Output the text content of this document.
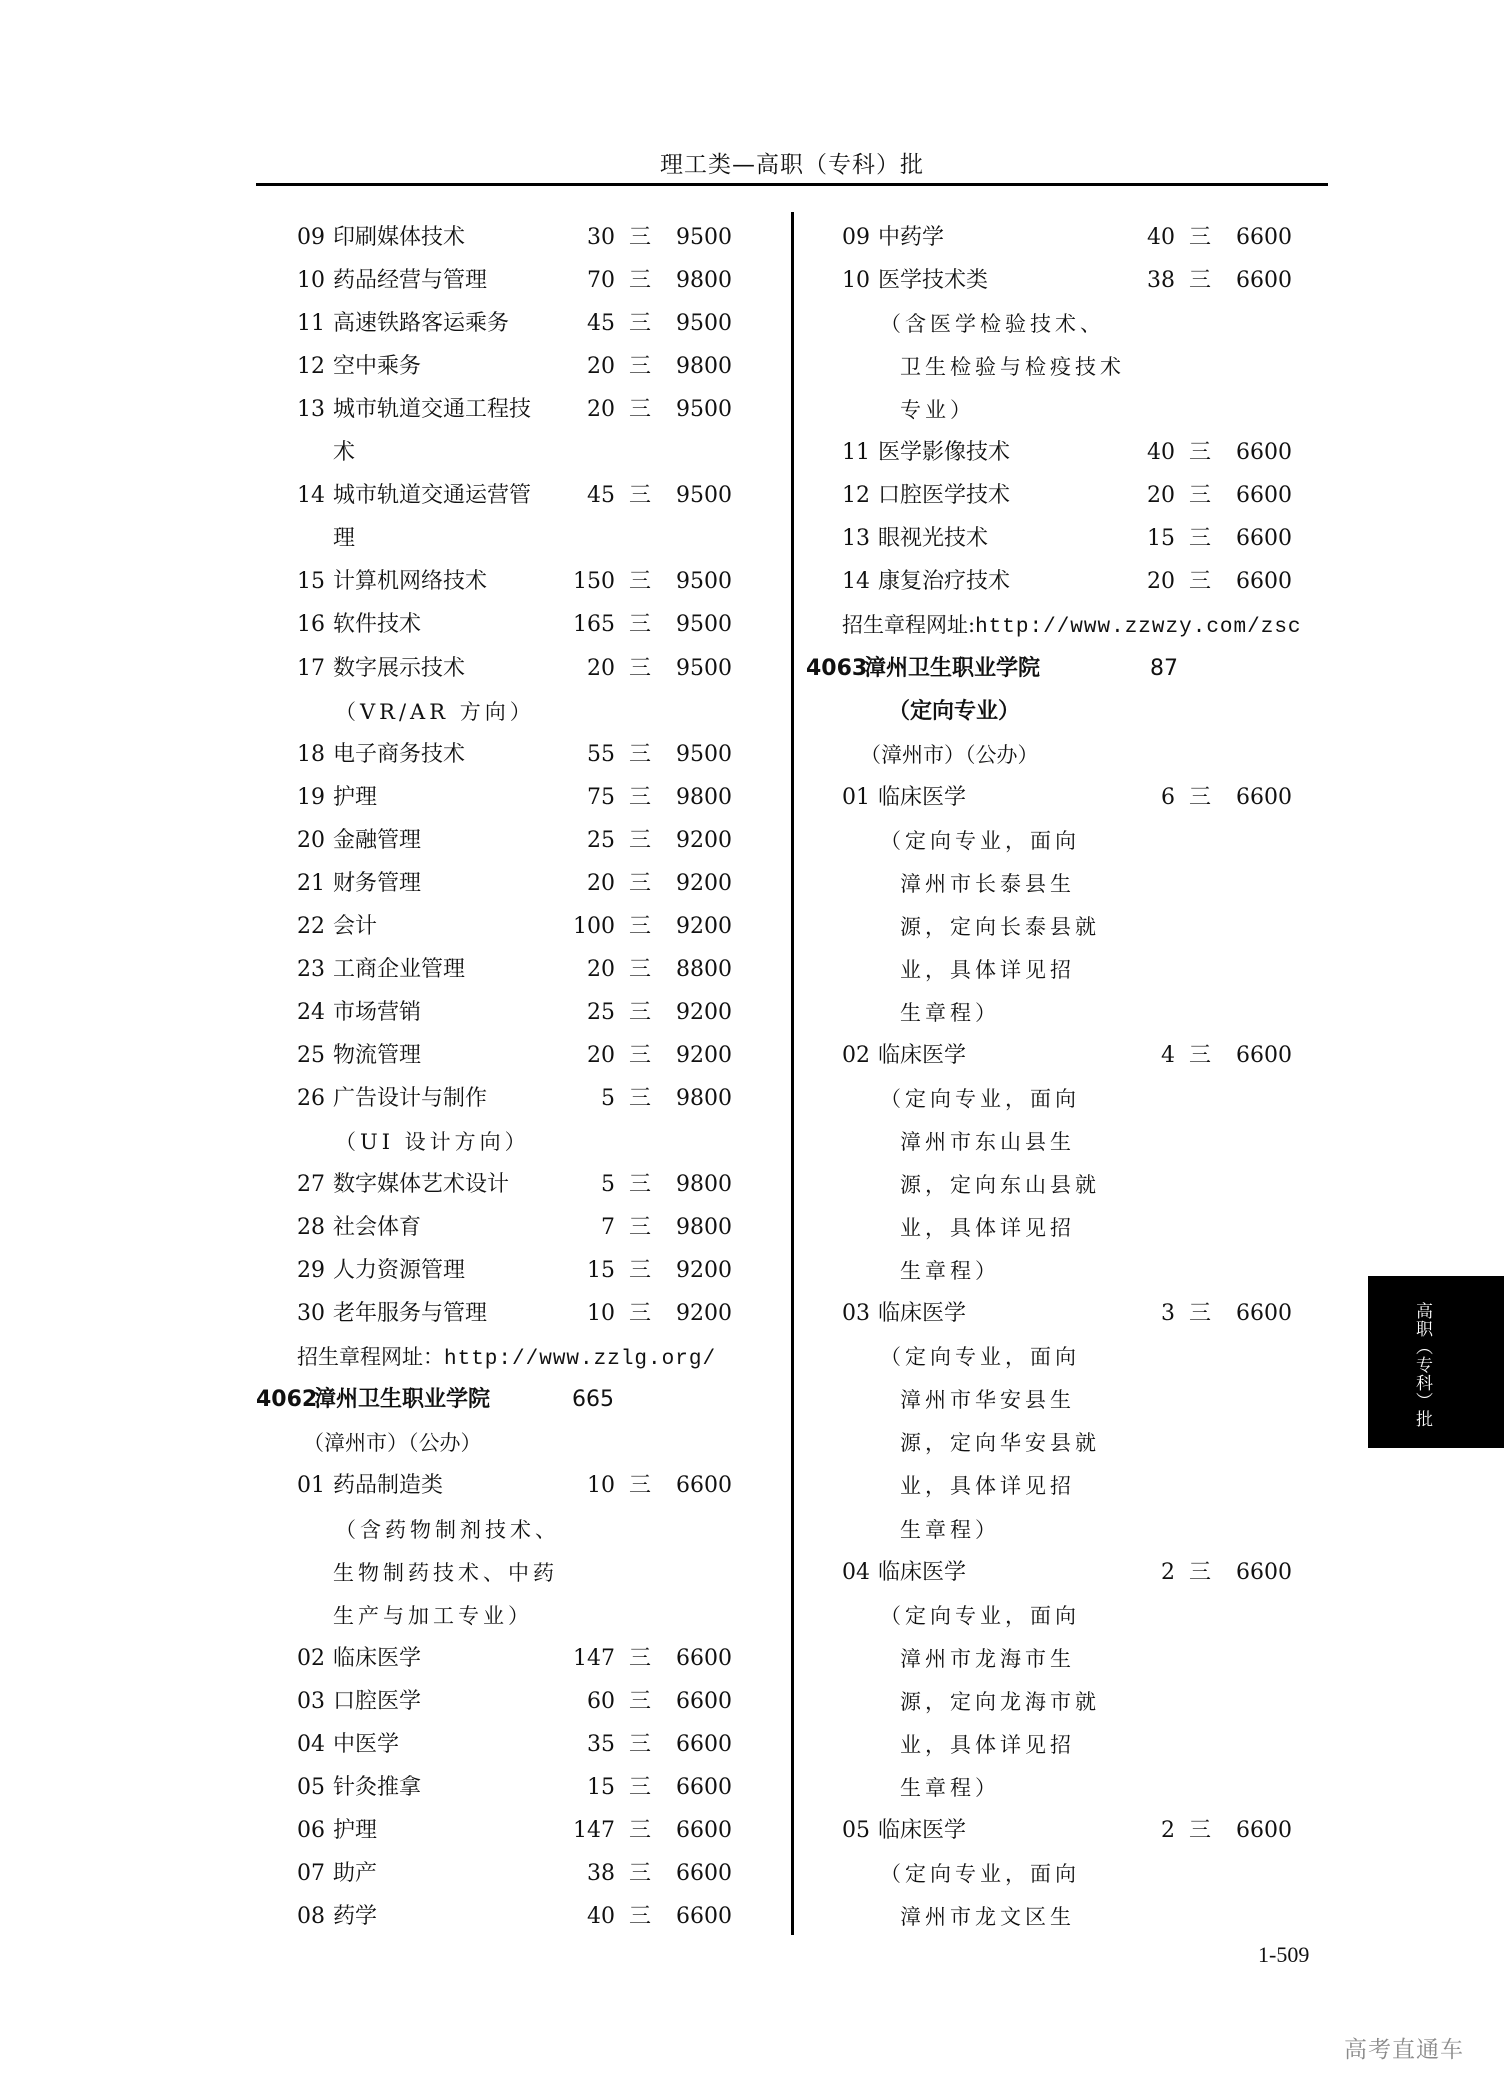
理工类—高职（专科）批
09 印刷媒体技术	30 三 9500
10 药品经营与管理	70 三 9800
11 高速铁路客运乘务	45 三 9500
12 空中乘务	20 三 9800
13 城市轨道交通工程技	20 三 9500
术
14 城市轨道交通运营管	45 三 9500
理
15 计算机网络技术	150 三 9500
16 软件技术	165 三 9500
17 数字展示技术	20 三 9500
（VR/AR 方向）
18 电子商务技术	55 三 9500
19 护理	75 三 9800
20 金融管理	25 三 9200
21 财务管理	20 三 9200
22 会计	100 三 9200
23 工商企业管理	20 三 8800
24 市场营销	25 三 9200
25 物流管理	20 三 9200
26 广告设计与制作	5 三 9800
（UI 设计方向）
27 数字媒体艺术设计	5 三 9800
28 社会体育	7 三 9800
29 人力资源管理	15 三 9200
30 老年服务与管理	10 三 9200
招生章程网址：http://www.zzlg.org/
4062
漳州卫生职业学院	665
（漳州市）（公办）
01 药品制造类	10 三 6600
（含药物制剂技术、
生物制药技术、中药
生产与加工专业）
02 临床医学	147 三 6600
03 口腔医学	60 三 6600
04 中医学	35 三 6600
05 针灸推拿	15 三 6600
06 护理	147 三 6600
07 助产	38 三 6600
08 药学	40 三 6600
09 中药学	40 三 6600
10 医学技术类	38 三 6600
（含医学检验技术、
卫生检验与检疫技术
专业）
11 医学影像技术	40 三 6600
12 口腔医学技术	20 三 6600
13 眼视光技术	15 三 6600
14 康复治疗技术	20 三 6600
招生章程网址:http://www.zzwzy.com/zsc
4063
漳州卫生职业学院	87
（定向专业）
（漳州市）（公办）
01 临床医学	6 三 6600
（定向专业，面向
漳州市长泰县生
源，定向长泰县就
业，具体详见招
生章程）
02 临床医学	4 三 6600
（定向专业，面向
漳州市东山县生
源，定向东山县就
业，具体详见招
生章程）
03 临床医学	3 三 6600
（定向专业，面向
漳州市华安县生
源，定向华安县就
业，具体详见招
生章程）
04 临床医学	2 三 6600
（定向专业，面向
漳州市龙海市生
源，定向龙海市就
业，具体详见招
生章程）
05 临床医学	2 三 6600
（定向专业，面向
漳州市龙文区生
高职（专科）批
1-509
高考直通车
